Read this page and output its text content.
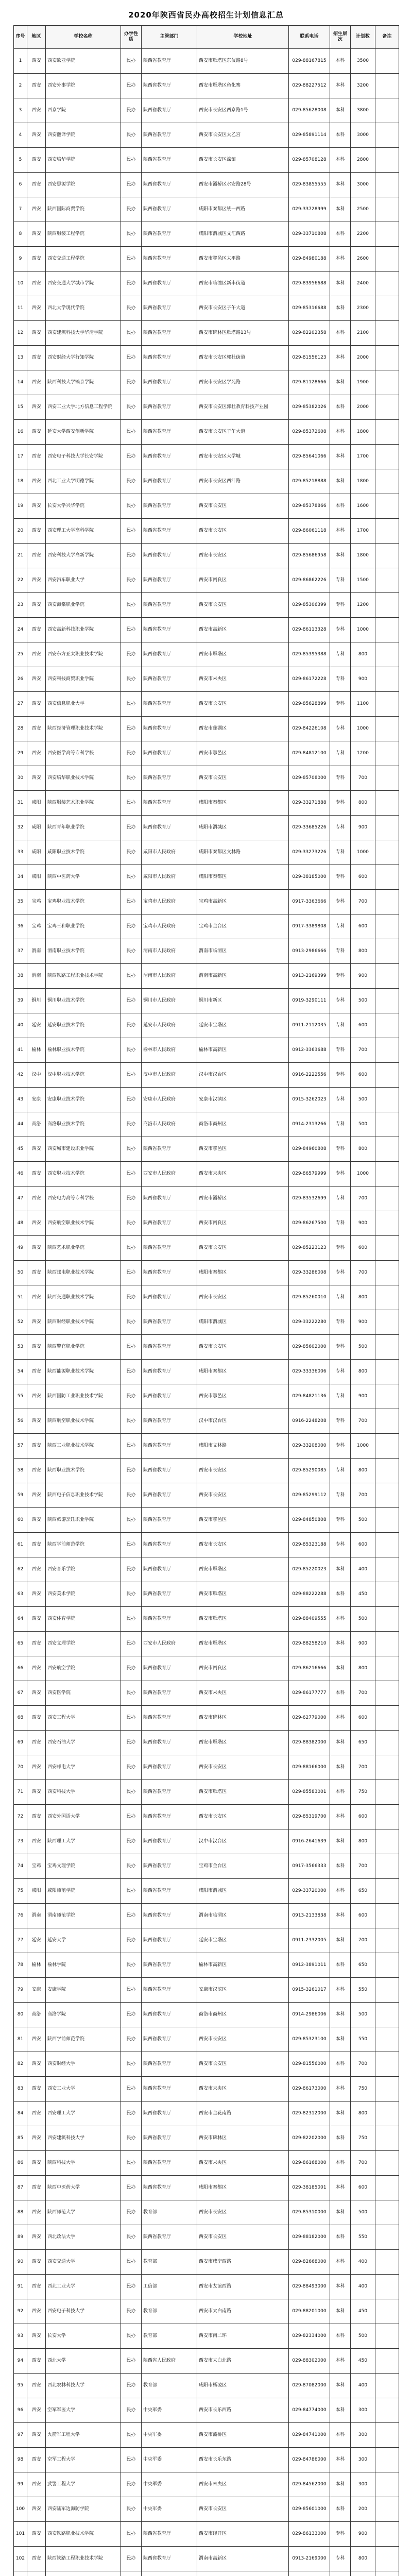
2020年陕西省民办高校招生计划信息汇总
序号	地区	学校名称	办学性质	主管部门	学校地址	联系电话	招生层次	计划数	备注
1	西安	西安欧亚学院	民办	陕西省教育厅	西安市雁塔区东仪路8号	029-88167815	本科	3500	
2	西安	西安外事学院	民办	陕西省教育厅	西安市雁塔区鱼化寨	029-88227512	本科	3200	
3	西安	西京学院	民办	陕西省教育厅	西安市长安区西京路1号	029-85628008	本科	3800	
4	西安	西安翻译学院	民办	陕西省教育厅	西安市长安区太乙宫	029-85891114	本科	3000	
5	西安	西安培华学院	民办	陕西省教育厅	西安市长安区滦镇	029-85708128	本科	2800	
6	西安	西安思源学院	民办	陕西省教育厅	西安市灞桥区水安路28号	029-83855555	本科	3000	
7	西安	陕西国际商贸学院	民办	陕西省教育厅	咸阳市秦都区统一西路	029-33728999	本科	2500	
8	西安	陕西服装工程学院	民办	陕西省教育厅	咸阳市渭城区文汇西路	029-33710808	本科	2200	
9	西安	西安交通工程学院	民办	陕西省教育厅	西安市鄠邑区太平路	029-84980188	本科	2600	
10	西安	西安交通大学城市学院	民办	陕西省教育厅	西安市临潼区新丰街道	029-83956688	本科	2400	
11	西安	西北大学现代学院	民办	陕西省教育厅	西安市长安区子午大道	029-85316688	本科	2300	
12	西安	西安建筑科技大学华清学院	民办	陕西省教育厅	西安市碑林区雁塔路13号	029-82202358	本科	2100	
13	西安	西安财经大学行知学院	民办	陕西省教育厅	西安市长安区郭杜街道	029-81556123	本科	2000	
14	西安	陕西科技大学镐京学院	民办	陕西省教育厅	西安市长安区学苑路	029-81128666	本科	1900	
15	西安	西安工业大学北方信息工程学院	民办	陕西省教育厅	西安市长安区郭杜教育科技产业园	029-85382026	本科	2000	
16	西安	延安大学西安创新学院	民办	陕西省教育厅	西安市长安区子午大道	029-85372608	本科	1800	
17	西安	西安电子科技大学长安学院	民办	陕西省教育厅	西安市长安区大学城	029-85641066	本科	1700	
18	西安	西北工业大学明德学院	民办	陕西省教育厅	西安市长安区西沣路	029-85218888	本科	1800	
19	西安	长安大学兴华学院	民办	陕西省教育厅	西安市长安区	029-85378866	本科	1600	
20	西安	西安理工大学高科学院	民办	陕西省教育厅	西安市长安区	029-86061118	本科	1700	
21	西安	西安科技大学高新学院	民办	陕西省教育厅	西安市长安区	029-85686958	本科	1800	
22	西安	西安汽车职业大学	民办	陕西省教育厅	西安市阎良区	029-86862226	专科	1500	
23	西安	西安海棠职业学院	民办	陕西省教育厅	西安市长安区	029-85306399	专科	1200	
24	西安	西安高新科技职业学院	民办	陕西省教育厅	西安市高新区	029-86113328	专科	1000	
25	西安	西安东方亚太职业技术学院	民办	陕西省教育厅	西安市雁塔区	029-85395388	专科	800	
26	西安	西安科技商贸职业学院	民办	陕西省教育厅	西安市未央区	029-86172228	专科	900	
27	西安	西安信息职业大学	民办	陕西省教育厅	西安市长安区	029-85628899	专科	1100	
28	西安	陕西经济管理职业技术学院	民办	陕西省教育厅	西安市莲湖区	029-84226108	专科	1000	
29	西安	西安医学高等专科学校	民办	陕西省教育厅	西安市鄠邑区	029-84812100	专科	1200	
30	西安	西安培华职业技术学院	民办	陕西省教育厅	西安市长安区	029-85708000	专科	700	
31	咸阳	陕西服装艺术职业学院	民办	陕西省教育厅	咸阳市秦都区	029-33271888	专科	800	
32	咸阳	陕西青年职业学院	民办	陕西省教育厅	咸阳市渭城区	029-33685226	专科	900	
33	咸阳	咸阳职业技术学院	民办	咸阳市人民政府	咸阳市秦都区文林路	029-33273226	专科	1000	
34	咸阳	陕西中医药大学	民办	咸阳市人民政府	咸阳市秦都区	029-38185000	专科	600	
35	宝鸡	宝鸡职业技术学院	民办	宝鸡市人民政府	宝鸡市高新区	0917-3363666	专科	700	
36	宝鸡	宝鸡三和职业学院	民办	宝鸡市人民政府	宝鸡市金台区	0917-3389808	专科	600	
37	渭南	渭南职业技术学院	民办	渭南市人民政府	渭南市临渭区	0913-2986666	专科	800	
38	渭南	陕西铁路工程职业技术学院	民办	渭南市人民政府	渭南市高新区	0913-2169399	专科	900	
39	铜川	铜川职业技术学院	民办	铜川市人民政府	铜川市新区	0919-3290111	专科	500	
40	延安	延安职业技术学院	民办	延安市人民政府	延安市宝塔区	0911-2112035	专科	600	
41	榆林	榆林职业技术学院	民办	榆林市人民政府	榆林市高新区	0912-3363688	专科	700	
42	汉中	汉中职业技术学院	民办	汉中市人民政府	汉中市汉台区	0916-2222556	专科	600	
43	安康	安康职业技术学院	民办	安康市人民政府	安康市汉滨区	0915-3262023	专科	500	
44	商洛	商洛职业技术学院	民办	商洛市人民政府	商洛市商州区	0914-2313266	专科	500	
45	西安	西安城市建设职业学院	民办	陕西省教育厅	西安市鄠邑区	029-84960808	专科	800	
46	西安	西安职业技术学院	民办	西安市人民政府	西安市未央区	029-86579999	专科	1000	
47	西安	西安电力高等专科学校	民办	陕西省教育厅	西安市灞桥区	029-83532699	专科	700	
48	西安	西安航空职业技术学院	民办	陕西省教育厅	西安市阎良区	029-86267500	专科	900	
49	西安	陕西艺术职业学院	民办	陕西省教育厅	西安市长安区	029-85223123	专科	600	
50	西安	陕西邮电职业技术学院	民办	陕西省教育厅	咸阳市秦都区	029-33286008	专科	700	
51	西安	陕西交通职业技术学院	民办	陕西省教育厅	西安市长安区	029-85260010	专科	800	
52	西安	陕西财经职业技术学院	民办	陕西省教育厅	咸阳市渭城区	029-33222280	专科	900	
53	西安	陕西警官职业学院	民办	陕西省教育厅	西安市长安区	029-85602000	专科	500	
54	西安	陕西能源职业技术学院	民办	陕西省教育厅	咸阳市秦都区	029-33336006	专科	800	
55	西安	陕西国防工业职业技术学院	民办	陕西省教育厅	西安市鄠邑区	029-84821136	专科	900	
56	西安	陕西航空职业技术学院	民办	陕西省教育厅	汉中市汉台区	0916-2248208	专科	700	
57	西安	陕西工业职业技术学院	民办	陕西省教育厅	咸阳市文林路	029-33208000	专科	1000	
58	西安	陕西职业技术学院	民办	陕西省教育厅	西安市长安区	029-85290085	专科	800	
59	西安	陕西电子信息职业技术学院	民办	陕西省教育厅	西安市长安区	029-85299112	专科	700	
60	西安	陕西旅游烹饪职业学院	民办	陕西省教育厅	西安市鄠邑区	029-84850808	专科	500	
61	西安	陕西学前师范学院	民办	陕西省教育厅	西安市长安区	029-85323188	专科	600	
62	西安	西安音乐学院	民办	陕西省教育厅	西安市雁塔区	029-85220023	本科	400	
63	西安	西安美术学院	民办	陕西省教育厅	西安市雁塔区	029-88222288	本科	450	
64	西安	西安体育学院	民办	陕西省教育厅	西安市雁塔区	029-88409555	本科	500	
65	西安	西安文理学院	民办	西安市人民政府	西安市雁塔区	029-88258210	本科	900	
66	西安	西安航空学院	民办	陕西省教育厅	西安市阎良区	029-86216666	本科	800	
67	西安	西安医学院	民办	陕西省教育厅	西安市未央区	029-86177777	本科	700	
68	西安	西安工程大学	民办	陕西省教育厅	西安市碑林区	029-62779000	本科	600	
69	西安	西安石油大学	民办	陕西省教育厅	西安市雁塔区	029-88382000	本科	650	
70	西安	西安邮电大学	民办	陕西省教育厅	西安市长安区	029-88166000	本科	700	
71	西安	西安科技大学	民办	陕西省教育厅	西安市雁塔区	029-85583001	本科	750	
72	西安	西安外国语大学	民办	陕西省教育厅	西安市长安区	029-85319700	本科	600	
73	西安	陕西理工大学	民办	陕西省教育厅	汉中市汉台区	0916-2641639	本科	800	
74	宝鸡	宝鸡文理学院	民办	陕西省教育厅	宝鸡市金台区	0917-3566333	本科	700	
75	咸阳	咸阳师范学院	民办	陕西省教育厅	咸阳市渭城区	029-33720000	本科	650	
76	渭南	渭南师范学院	民办	陕西省教育厅	渭南市临渭区	0913-2133838	本科	600	
77	延安	延安大学	民办	陕西省教育厅	延安市宝塔区	0911-2332005	本科	700	
78	榆林	榆林学院	民办	陕西省教育厅	榆林市高新区	0912-3891011	本科	650	
79	安康	安康学院	民办	陕西省教育厅	安康市汉滨区	0915-3261017	本科	550	
80	商洛	商洛学院	民办	陕西省教育厅	商洛市商州区	0914-2986006	本科	500	
81	西安	陕西学前师范学院	民办	陕西省教育厅	西安市长安区	029-85323100	本科	550	
82	西安	西安财经大学	民办	陕西省教育厅	西安市长安区	029-81556000	本科	700	
83	西安	西安工业大学	民办	陕西省教育厅	西安市未央区	029-86173000	本科	750	
84	西安	西安理工大学	民办	陕西省教育厅	西安市金花南路	029-82312000	本科	800	
85	西安	西安建筑科技大学	民办	陕西省教育厅	西安市碑林区	029-82202000	本科	750	
86	西安	陕西科技大学	民办	陕西省教育厅	西安市未央区	029-86168000	本科	700	
87	西安	陕西中医药大学	民办	陕西省教育厅	咸阳市秦都区	029-38185001	本科	600	
88	西安	陕西师范大学	民办	教育部	西安市长安区	029-85310000	本科	500	
89	西安	西北政法大学	民办	陕西省教育厅	西安市长安区	029-88182000	本科	550	
90	西安	西安交通大学	民办	教育部	西安市咸宁西路	029-82668000	本科	400	
91	西安	西北工业大学	民办	工信部	西安市友谊西路	029-88493000	本科	400	
92	西安	西安电子科技大学	民办	教育部	西安市太白南路	029-88201000	本科	450	
93	西安	长安大学	民办	教育部	西安市南二环	029-82334000	本科	500	
94	西安	西北大学	民办	陕西省人民政府	西安市太白北路	029-88302000	本科	450	
95	西安	西北农林科技大学	民办	教育部	咸阳市杨凌区	029-87082000	本科	400	
96	西安	空军军医大学	民办	中央军委	西安市长乐西路	029-84774000	本科	300	
97	西安	火箭军工程大学	民办	中央军委	西安市灞桥区	029-84741000	本科	300	
98	西安	空军工程大学	民办	中央军委	西安市长乐东路	029-84786000	本科	300	
99	西安	武警工程大学	民办	中央军委	西安市未央区	029-84562000	本科	300	
100	西安	西安陆军边海防学院	民办	中央军委	西安市长安区	029-85601000	本科	200	
101	西安	西安铁路职业技术学院	民办	陕西省教育厅	西安市经开区	029-86133000	专科	900	
102	西安	陕西铁路工程职业技术学院	民办	陕西省教育厅	渭南市高新区	0913-2169000	专科	800	
